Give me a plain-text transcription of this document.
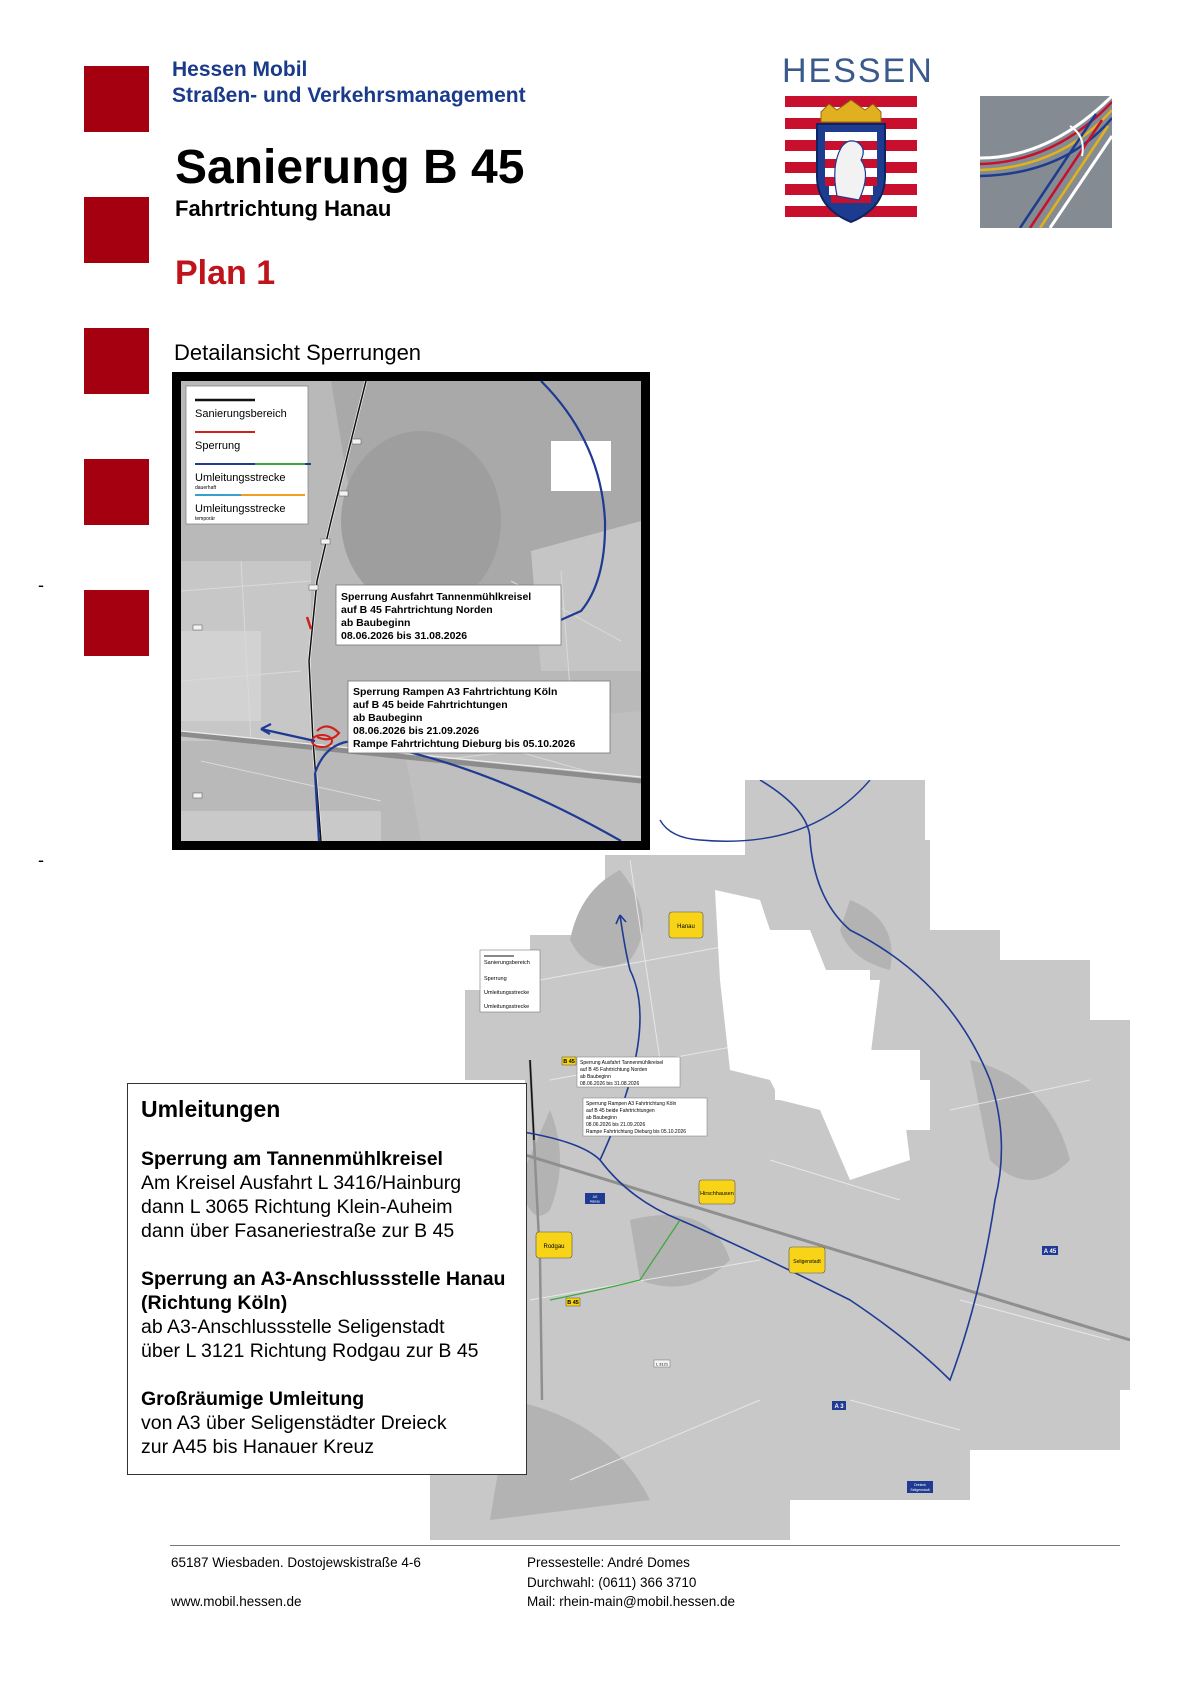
Hessen Mobil
Straßen- und Verkehrsmanagement
Sanierung B 45
Fahrtrichtung Hanau
Plan 1
Detailansicht Sperrungen
-
-
HESSEN
Sanierungsbereich
Sperrung
Umleitungsstrecke
dauerhaft
Umleitungsstrecke
temporär
Sperrung Ausfahrt Tannenmühlkreisel
auf B 45 Fahrtrichtung Norden
ab Baubeginn
08.06.2026 bis 31.08.2026
Sperrung Rampen A3 Fahrtrichtung Köln
auf B 45 beide Fahrtrichtungen
ab Baubeginn
08.06.2026 bis 21.09.2026
Rampe Fahrtrichtung Dieburg bis 05.10.2026
Sanierungsbereich
Sperrung
Umleitungsstrecke
Umleitungsstrecke
Sperrung Ausfahrt Tannenmühlkreisel
auf B 45 Fahrtrichtung Norden
ab Baubeginn
08.06.2026 bis 31.08.2026
Sperrung Rampen A3 Fahrtrichtung Köln
auf B 45 beide Fahrtrichtungen
ab Baubeginn
08.06.2026 bis 21.09.2026
Rampe Fahrtrichtung Dieburg bis 05.10.2026
Hanau
Hirschhausen
Rodgau
Seligenstadt
B 45
B 45
A 45
A 3
L 3121
AS
Hanau
Dreieck
Seligenstadt
Umleitungen
Sperrung am Tannenmühlkreisel
Am Kreisel Ausfahrt L 3416/Hainburg
dann L 3065 Richtung Klein-Auheim
dann über Fasaneriestraße zur B 45
Sperrung an A3-Anschlussstelle Hanau
(Richtung Köln)
ab A3-Anschlussstelle Seligenstadt
über L 3121 Richtung Rodgau zur B 45
Großräumige Umleitung
von A3 über Seligenstädter Dreieck
zur A45 bis Hanauer Kreuz
65187 Wiesbaden. Dostojewskistraße 4-6
www.mobil.hessen.de
Pressestelle: André Domes
Durchwahl: (0611) 366 3710
Mail: rhein-main@mobil.hessen.de
